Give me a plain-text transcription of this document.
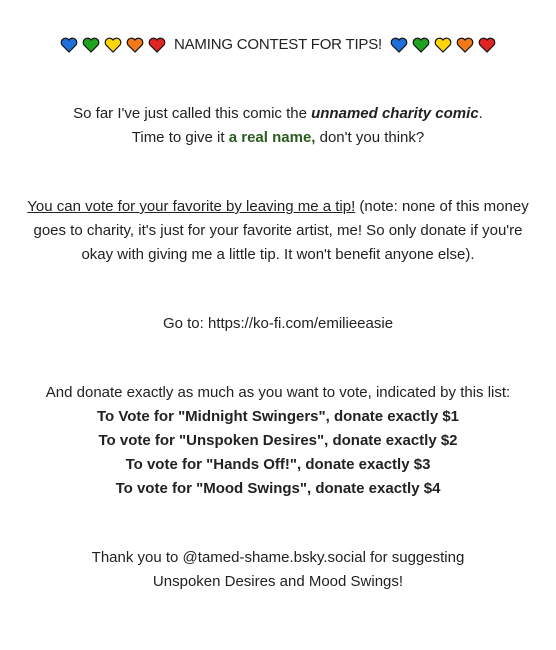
NAMING CONTEST FOR TIPS!
So far I've just called this comic the unnamed charity comic.
Time to give it a real name, don't you think?
You can vote for your favorite by leaving me a tip! (note: none of this money goes to charity, it's just for your favorite artist, me! So only donate if you're okay with giving me a little tip. It won't benefit anyone else).
Go to: https://ko-fi.com/emilieeasie
And donate exactly as much as you want to vote, indicated by this list:
To Vote for "Midnight Swingers", donate exactly $1
To vote for "Unspoken Desires", donate exactly $2
To vote for "Hands Off!", donate exactly $3
To vote for "Mood Swings", donate exactly $4
Thank you to @tamed-shame.bsky.social for suggesting
Unspoken Desires and Mood Swings!
